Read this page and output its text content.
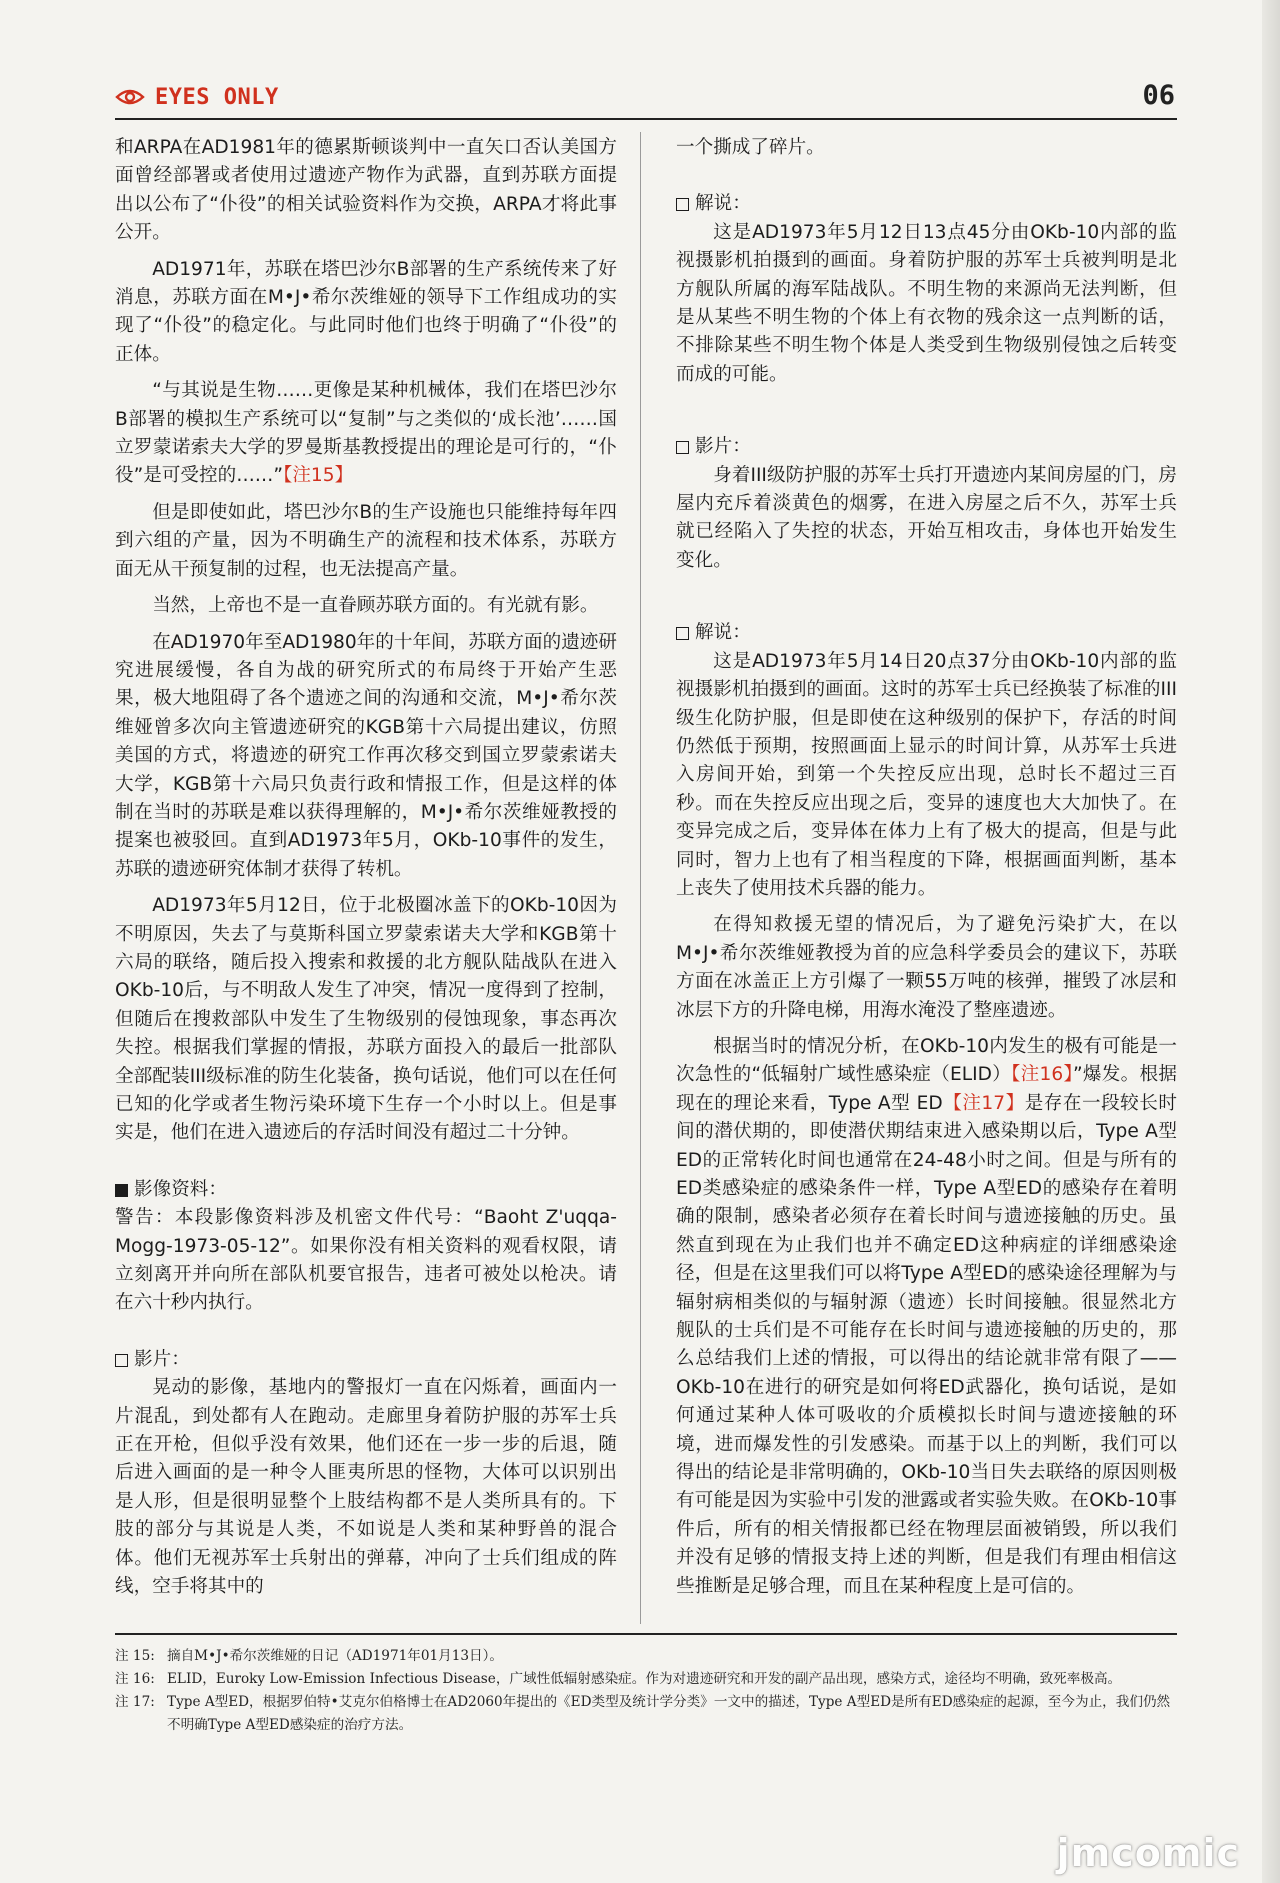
EYES ONLY	06

和ARPA在AD1981年的德累斯顿谈判中一直矢口否认美国方面曾经部署或者使用过遗迹产物作为武器，直到苏联方面提出以公布了“仆役”的相关试验资料作为交换，ARPA才将此事公开。

AD1971年，苏联在塔巴沙尔B部署的生产系统传来了好消息，苏联方面在M•J•希尔茨维娅的领导下工作组成功的实现了“仆役”的稳定化。与此同时他们也终于明确了“仆役”的正体。

“与其说是生物……更像是某种机械体，我们在塔巴沙尔B部署的模拟生产系统可以“复制”与之类似的‘成长池’……国立罗蒙诺索夫大学的罗曼斯基教授提出的理论是可行的，“仆役”是可受控的……”【注15】

但是即使如此，塔巴沙尔B的生产设施也只能维持每年四到六组的产量，因为不明确生产的流程和技术体系，苏联方面无从干预复制的过程，也无法提高产量。

当然，上帝也不是一直眷顾苏联方面的。有光就有影。

在AD1970年至AD1980年的十年间，苏联方面的遗迹研究进展缓慢，各自为战的研究所式的布局终于开始产生恶果，极大地阻碍了各个遗迹之间的沟通和交流，M•J•希尔茨维娅曾多次向主管遗迹研究的KGB第十六局提出建议，仿照美国的方式，将遗迹的研究工作再次移交到国立罗蒙索诺夫大学，KGB第十六局只负责行政和情报工作，但是这样的体制在当时的苏联是难以获得理解的，M•J•希尔茨维娅教授的提案也被驳回。直到AD1973年5月，OKb-10事件的发生，苏联的遗迹研究体制才获得了转机。

AD1973年5月12日，位于北极圈冰盖下的OKb-10因为不明原因，失去了与莫斯科国立罗蒙索诺夫大学和KGB第十六局的联络，随后投入搜索和救援的北方舰队陆战队在进入OKb-10后，与不明敌人发生了冲突，情况一度得到了控制，但随后在搜救部队中发生了生物级别的侵蚀现象，事态再次失控。根据我们掌握的情报，苏联方面投入的最后一批部队全部配装III级标准的防生化装备，换句话说，他们可以在任何已知的化学或者生物污染环境下生存一个小时以上。但是事实是，他们在进入遗迹后的存活时间没有超过二十分钟。

影像资料：

警告：本段影像资料涉及机密文件代号：“Baoht Z'uqqa-Mogg-1973-05-12”。如果你没有相关资料的观看权限，请立刻离开并向所在部队机要官报告，违者可被处以枪决。请在六十秒内执行。

影片：

晃动的影像，基地内的警报灯一直在闪烁着，画面内一片混乱，到处都有人在跑动。走廊里身着防护服的苏军士兵正在开枪，但似乎没有效果，他们还在一步一步的后退，随后进入画面的是一种令人匪夷所思的怪物，大体可以识别出是人形，但是很明显整个上肢结构都不是人类所具有的。下肢的部分与其说是人类，不如说是人类和某种野兽的混合体。他们无视苏军士兵射出的弹幕，冲向了士兵们组成的阵线，空手将其中的

一个撕成了碎片。

解说：

这是AD1973年5月12日13点45分由OKb-10内部的监视摄影机拍摄到的画面。身着防护服的苏军士兵被判明是北方舰队所属的海军陆战队。不明生物的来源尚无法判断，但是从某些不明生物的个体上有衣物的残余这一点判断的话，不排除某些不明生物个体是人类受到生物级别侵蚀之后转变而成的可能。

影片：

身着III级防护服的苏军士兵打开遗迹内某间房屋的门，房屋内充斥着淡黄色的烟雾，在进入房屋之后不久，苏军士兵就已经陷入了失控的状态，开始互相攻击，身体也开始发生变化。

解说：

这是AD1973年5月14日20点37分由OKb-10内部的监视摄影机拍摄到的画面。这时的苏军士兵已经换装了标准的III级生化防护服，但是即使在这种级别的保护下，存活的时间仍然低于预期，按照画面上显示的时间计算，从苏军士兵进入房间开始，到第一个失控反应出现，总时长不超过三百秒。而在失控反应出现之后，变异的速度也大大加快了。在变异完成之后，变异体在体力上有了极大的提高，但是与此同时，智力上也有了相当程度的下降，根据画面判断，基本上丧失了使用技术兵器的能力。

在得知救援无望的情况后，为了避免污染扩大，在以M•J•希尔茨维娅教授为首的应急科学委员会的建议下，苏联方面在冰盖正上方引爆了一颗55万吨的核弹，摧毁了冰层和冰层下方的升降电梯，用海水淹没了整座遗迹。

根据当时的情况分析，在OKb-10内发生的极有可能是一次急性的“低辐射广域性感染症（ELID）【注16】”爆发。根据现在的理论来看，Type A型 ED【注17】是存在一段较长时间的潜伏期的，即使潜伏期结束进入感染期以后，Type A型ED的正常转化时间也通常在24-48小时之间。但是与所有的ED类感染症的感染条件一样，Type A型ED的感染存在着明确的限制，感染者必须存在着长时间与遗迹接触的历史。虽然直到现在为止我们也并不确定ED这种病症的详细感染途径，但是在这里我们可以将Type A型ED的感染途径理解为与辐射病相类似的与辐射源（遗迹）长时间接触。很显然北方舰队的士兵们是不可能存在长时间与遗迹接触的历史的，那么总结我们上述的情报，可以得出的结论就非常有限了——OKb-10在进行的研究是如何将ED武器化，换句话说，是如何通过某种人体可吸收的介质模拟长时间与遗迹接触的环境，进而爆发性的引发感染。而基于以上的判断，我们可以得出的结论是非常明确的，OKb-10当日失去联络的原因则极有可能是因为实验中引发的泄露或者实验失败。在OKb-10事件后，所有的相关情报都已经在物理层面被销毁，所以我们并没有足够的情报支持上述的判断，但是我们有理由相信这些推断是足够合理，而且在某种程度上是可信的。

注 15: 摘自M•J•希尔茨维娅的日记（AD1971年01月13日）。
注 16: ELID，Euroky Low-Emission Infectious Disease，广域性低辐射感染症。作为对遗迹研究和开发的副产品出现，感染方式，途径均不明确，致死率极高。
注 17: Type A型ED，根据罗伯特•艾克尔伯格博士在AD2060年提出的《ED类型及统计学分类》一文中的描述，Type A型ED是所有ED感染症的起源，至今为止，我们仍然不明确Type A型ED感染症的治疗方法。
jmcomic
